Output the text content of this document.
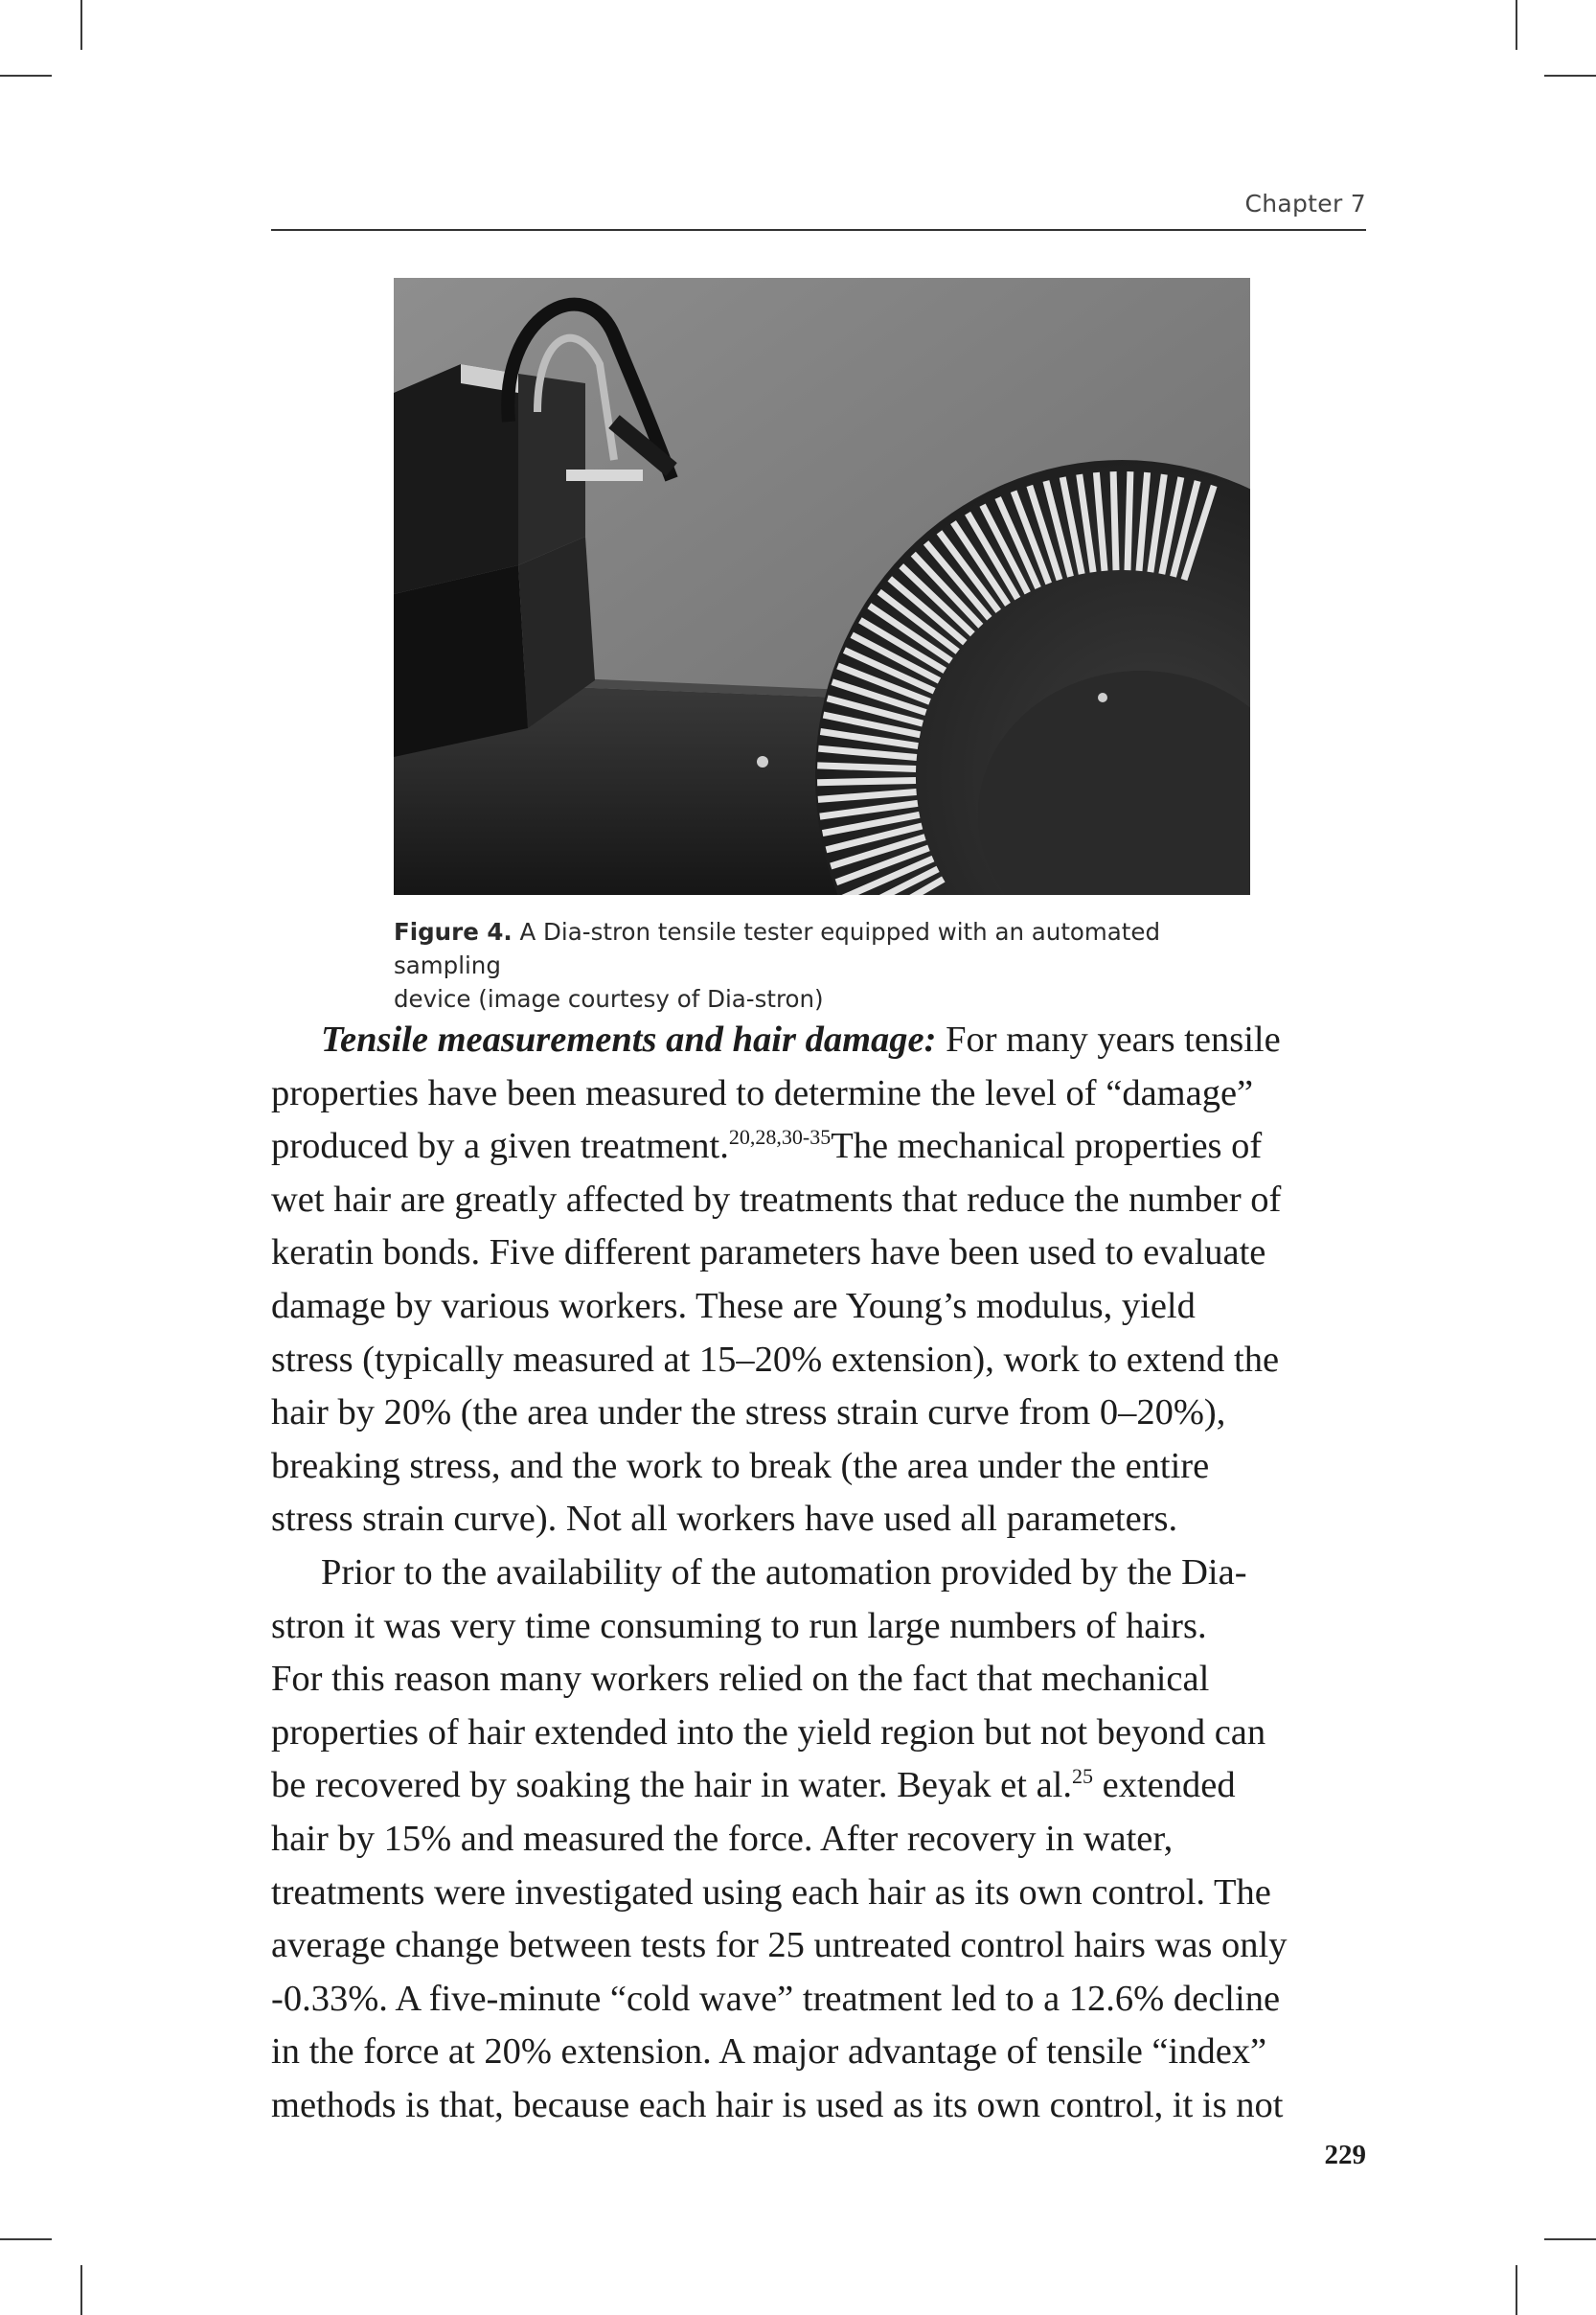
Chapter 7
Figure 4. A Dia-stron tensile tester equipped with an automated sampling
device (image courtesy of Dia-stron)

Tensile measurements and hair damage: For many years tensile
properties have been measured to determine the level of “damage”
produced by a given treatment.$^{20,28,30-35}$The mechanical properties of
wet hair are greatly affected by treatments that reduce the number of
keratin bonds. Five different parameters have been used to evaluate
damage by various workers. These are Young’s modulus, yield
stress (typically measured at 15–20% extension), work to extend the
hair by 20% (the area under the stress strain curve from 0–20%),
breaking stress, and the work to break (the area under the entire
stress strain curve). Not all workers have used all parameters.

Prior to the availability of the automation provided by the Dia-
stron it was very time consuming to run large numbers of hairs.
For this reason many workers relied on the fact that mechanical
properties of hair extended into the yield region but not beyond can
be recovered by soaking the hair in water. Beyak et al.$^{25}$ extended
hair by 15% and measured the force. After recovery in water,
treatments were investigated using each hair as its own control. The
average change between tests for 25 untreated control hairs was only
-0.33%. A five-minute “cold wave” treatment led to a 12.6% decline
in the force at 20% extension. A major advantage of tensile “index”
methods is that, because each hair is used as its own control, it is not

229
